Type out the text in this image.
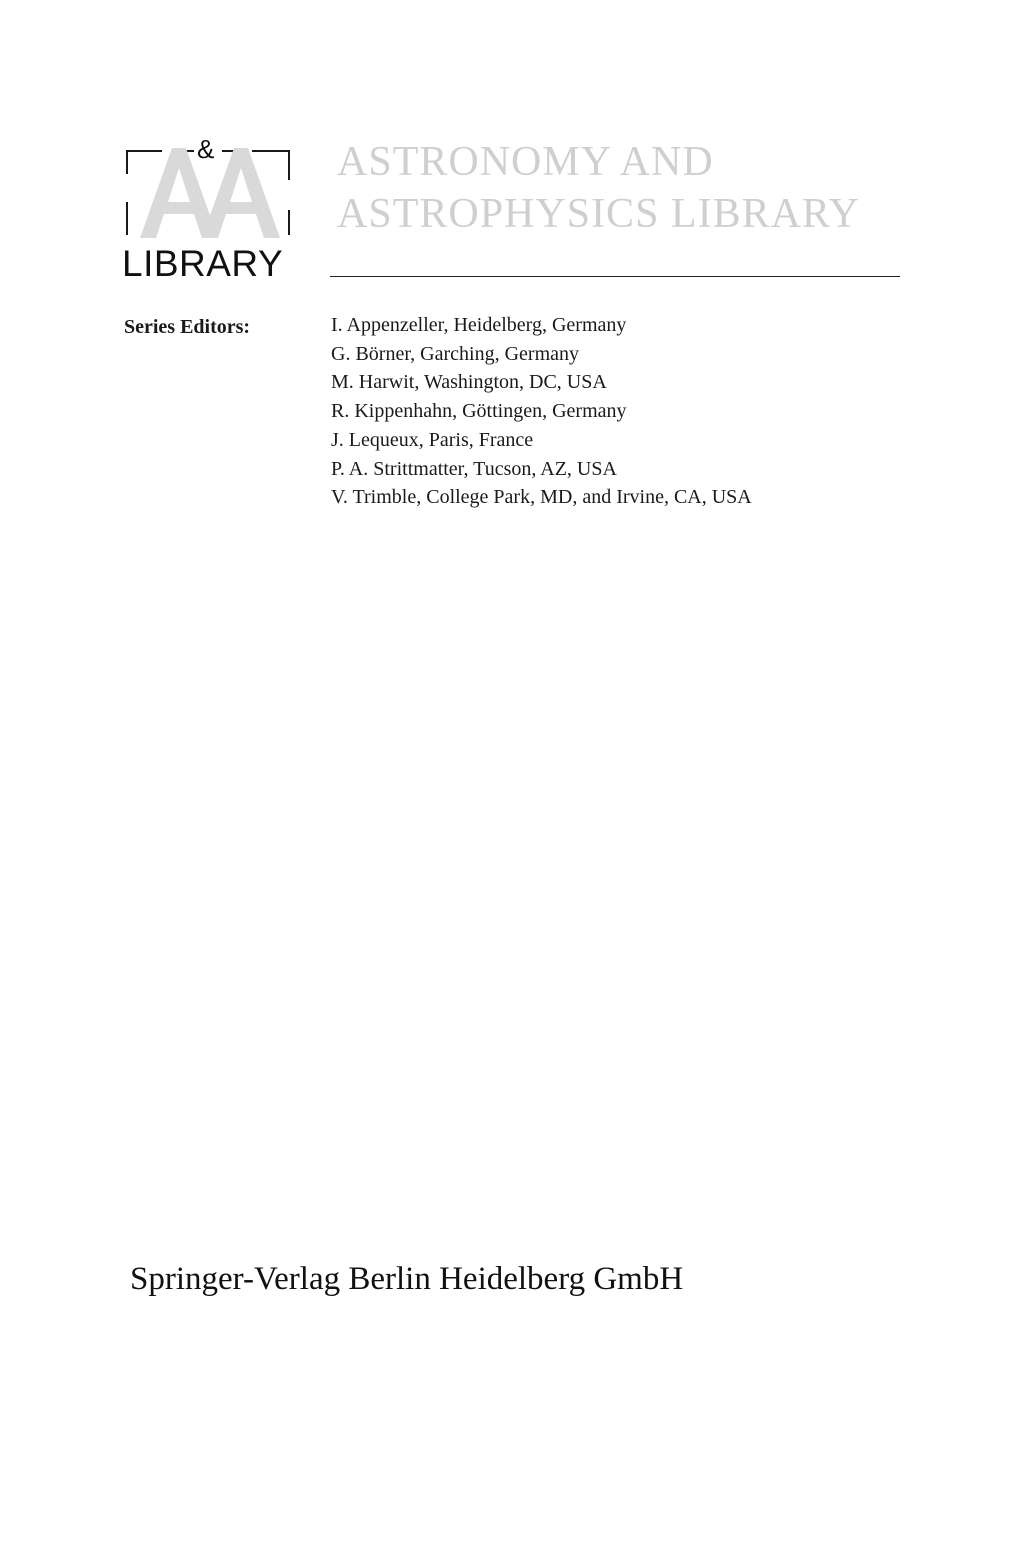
&
LIBRARY
ASTRONOMY AND
ASTROPHYSICS LIBRARY
Series Editors:	I. Appenzeller, Heidelberg, Germany
G. Börner, Garching, Germany
M. Harwit, Washington, DC, USA
R. Kippenhahn, Göttingen, Germany
J. Lequeux, Paris, France
P. A. Strittmatter, Tucson, AZ, USA
V. Trimble, College Park, MD, and Irvine, CA, USA
Springer-Verlag Berlin Heidelberg GmbH
